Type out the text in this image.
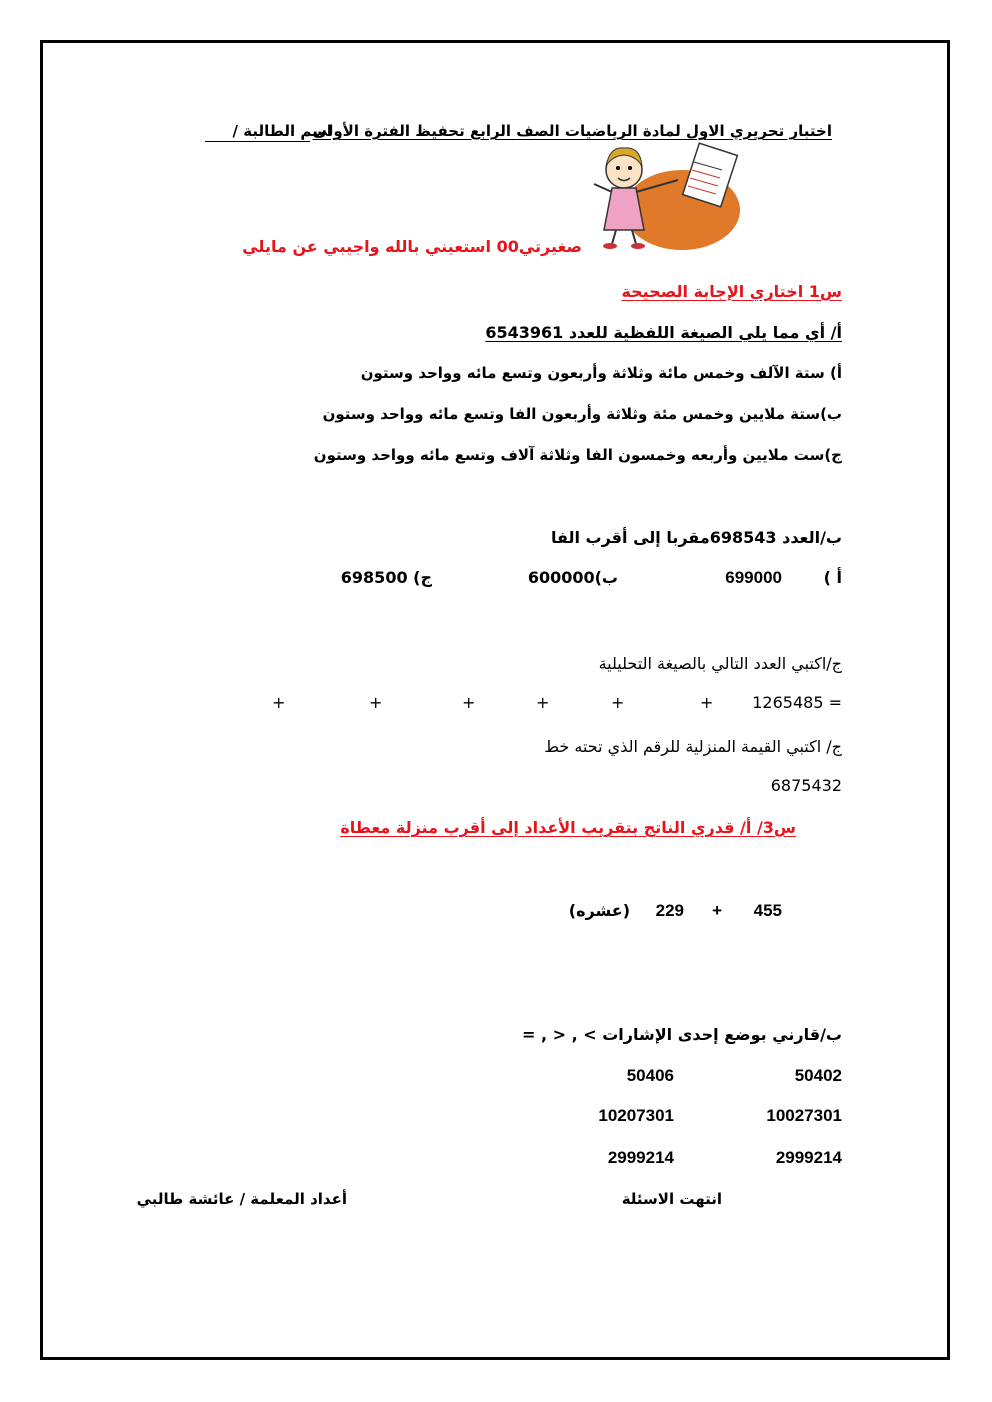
اختبار تحريري الاول لمادة الرياضيات الصف الرابع تحفيظ الفترة الأولى
اسم الطالبة /
صغيرتي00 استعيني بالله واجيبي عن مايلي
س1 اختاري الإجابة الصحيحة
أ/ أي مما يلي الصيغة اللفظية للعدد 6543961
أ) ستة الآلف وخمس مائة وثلاثة وأربعون وتسع مائه وواحد وستون
ب)ستة ملايين وخمس مئة وثلاثة وأربعون الفا وتسع مائه وواحد وستون
ج)ست ملايين وأربعه وخمسون الفا وثلاثة آلاف وتسع مائه وواحد وستون
ب/العدد 698543مقربا إلى أقرب الفا
أ )
699000
ب)600000
ج) 698500
ج/اكتبي العدد التالي بالصيغة التحليلية
1265485 =
+
+
+
+
+
+
ج/ اكتبي القيمة المنزلية للرقم الذي تحته خط
6875432
س3/ أ/ قدري الناتج بتقريب الأعداد إلى أقرب منزلة معطاة
455
+
229
(عشره)
ب/قارني بوضع إحدى الإشارات > , < , =
50402
50406
10027301
10207301
2999214
2999214
انتهت الاسئلة
أعداد المعلمة / عائشة طالبي
